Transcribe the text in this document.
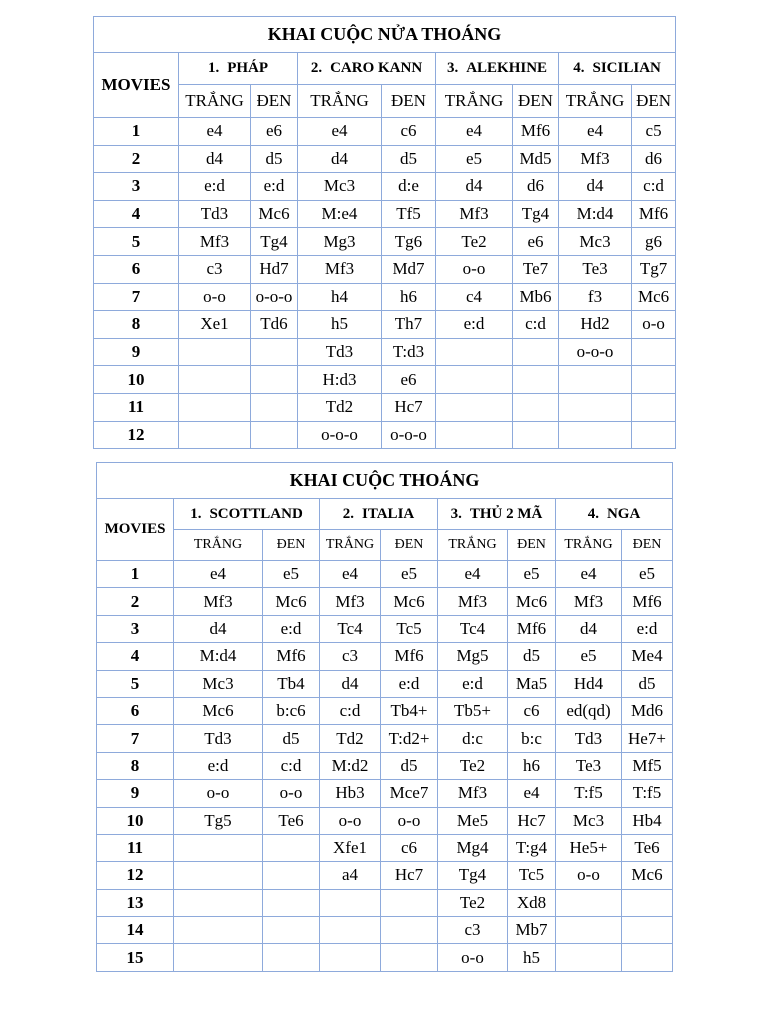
KHAI CUỘC NỬA THOÁNG								
MOVIES	1. PHÁP		2. CARO KANN		3. ALEKHINE		4. SICILIAN	
	TRẮNG	ĐEN	TRẮNG	ĐEN	TRẮNG	ĐEN	TRẮNG	ĐEN
1	e4	e6	e4	c6	e4	Mf6	e4	c5
2	d4	d5	d4	d5	e5	Md5	Mf3	d6
3	e:d	e:d	Mc3	d:e	d4	d6	d4	c:d
4	Td3	Mc6	M:e4	Tf5	Mf3	Tg4	M:d4	Mf6
5	Mf3	Tg4	Mg3	Tg6	Te2	e6	Mc3	g6
6	c3	Hd7	Mf3	Md7	o-o	Te7	Te3	Tg7
7	o-o	o-o-o	h4	h6	c4	Mb6	f3	Mc6
8	Xe1	Td6	h5	Th7	e:d	c:d	Hd2	o-o
9			Td3	T:d3			o-o-o	
10			H:d3	e6				
11			Td2	Hc7				
12			o-o-o	o-o-o				
KHAI CUỘC THOÁNG								
MOVIES	1. SCOTTLAND		2. ITALIA		3. THỦ 2 MÃ		4. NGA	
	TRẮNG	ĐEN	TRẮNG	ĐEN	TRẮNG	ĐEN	TRẮNG	ĐEN
1	e4	e5	e4	e5	e4	e5	e4	e5
2	Mf3	Mc6	Mf3	Mc6	Mf3	Mc6	Mf3	Mf6
3	d4	e:d	Tc4	Tc5	Tc4	Mf6	d4	e:d
4	M:d4	Mf6	c3	Mf6	Mg5	d5	e5	Me4
5	Mc3	Tb4	d4	e:d	e:d	Ma5	Hd4	d5
6	Mc6	b:c6	c:d	Tb4+	Tb5+	c6	ed(qd)	Md6
7	Td3	d5	Td2	T:d2+	d:c	b:c	Td3	He7+
8	e:d	c:d	M:d2	d5	Te2	h6	Te3	Mf5
9	o-o	o-o	Hb3	Mce7	Mf3	e4	T:f5	T:f5
10	Tg5	Te6	o-o	o-o	Me5	Hc7	Mc3	Hb4
11			Xfe1	c6	Mg4	T:g4	He5+	Te6
12			a4	Hc7	Tg4	Tc5	o-o	Mc6
13					Te2	Xd8		
14					c3	Mb7		
15					o-o	h5		
